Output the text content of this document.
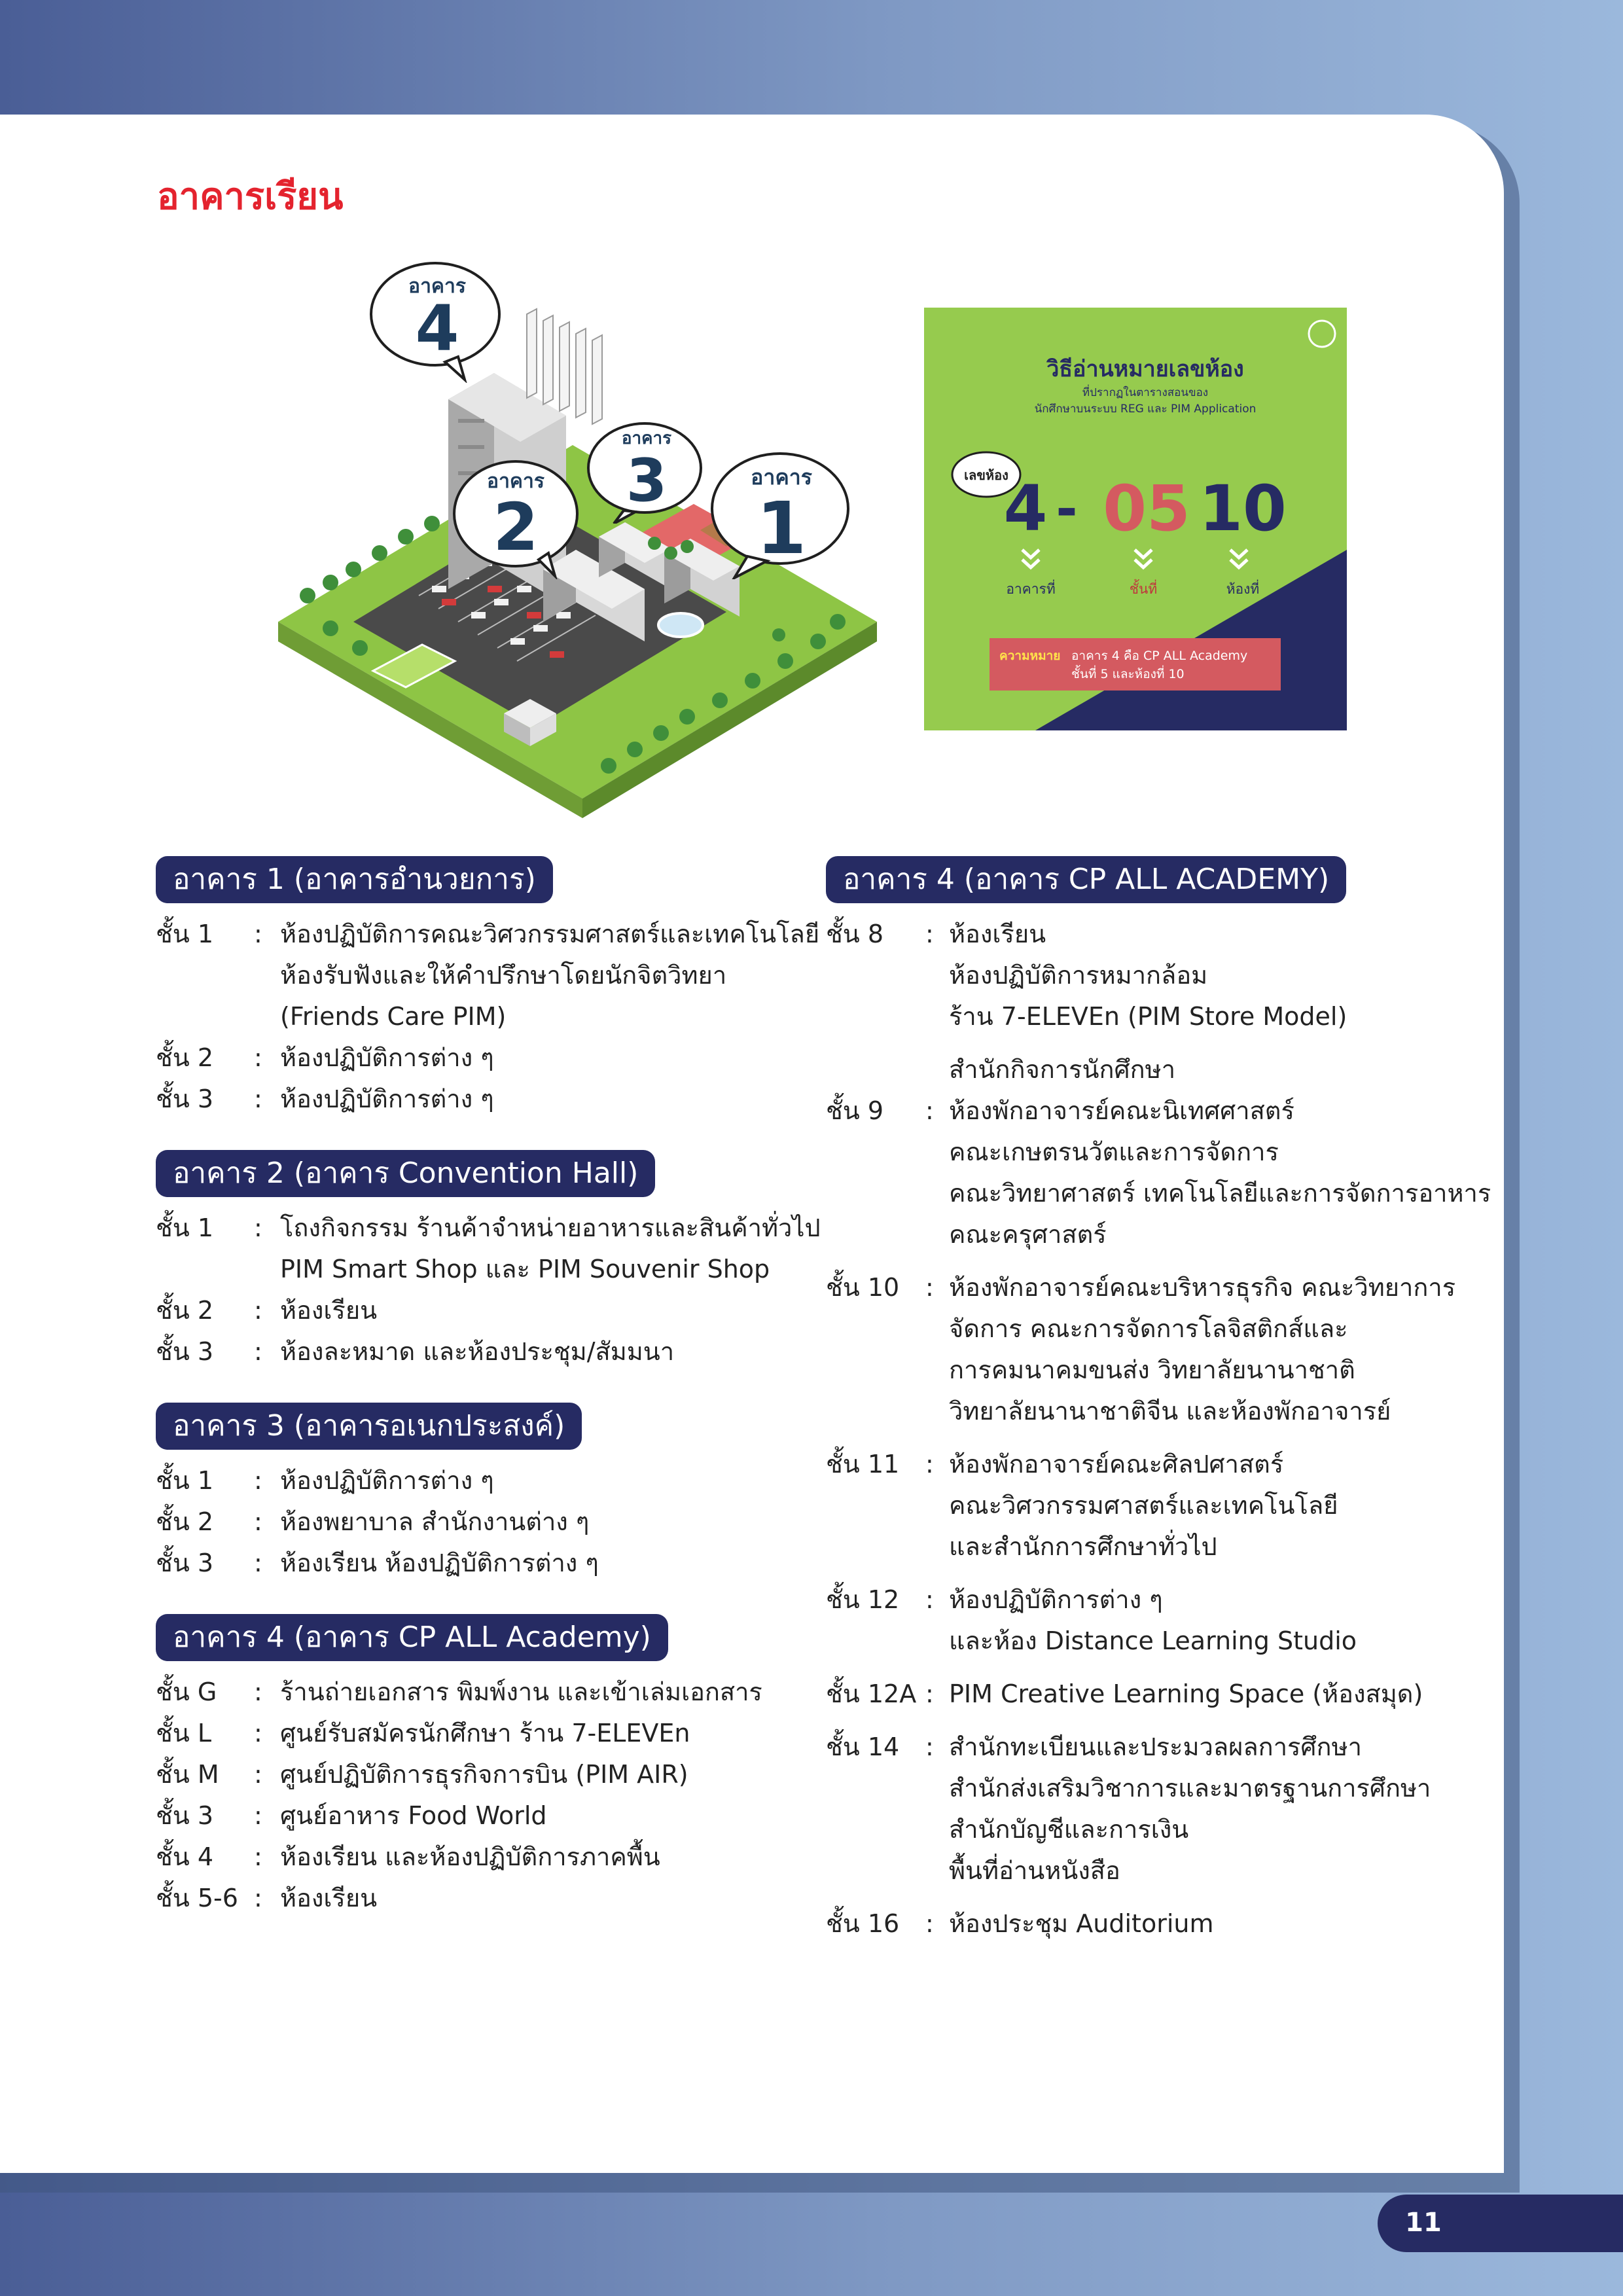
อาคารเรียน
อาคาร
4
อาคาร
2
อาคาร
3	อาคาร
1
วิธีอ่านหมายเลขห้อง
ที่ปรากฏในตารางสอนของ
นักศึกษาบนระบบ REG และ PIM Application
เลขห้อง
4 - 05 10
อาคารที่	ชั้นที่	ห้องที่
ความหมาย อาคาร 4 คือ CP ALL Academy
ชั้นที่ 5 และห้องที่ 10
อาคาร 1 (อาคารอำนวยการ)
ชั้น 1	: ห้องปฏิบัติการคณะวิศวกรรมศาสตร์และเทคโนโลยี
ห้องรับฟังและให้คำปรึกษาโดยนักจิตวิทยา
(Friends Care PIM)
ชั้น 2	: ห้องปฏิบัติการต่าง ๆ
ชั้น 3	: ห้องปฏิบัติการต่าง ๆ
อาคาร 2 (อาคาร Convention Hall)
ชั้น 1	: โถงกิจกรรม ร้านค้าจำหน่ายอาหารและสินค้าทั่วไป
PIM Smart Shop และ PIM Souvenir Shop
ชั้น 2	: ห้องเรียน
ชั้น 3	: ห้องละหมาด และห้องประชุม/สัมมนา
อาคาร 3 (อาคารอเนกประสงค์)
ชั้น 1	: ห้องปฏิบัติการต่าง ๆ
ชั้น 2	: ห้องพยาบาล สำนักงานต่าง ๆ
ชั้น 3	: ห้องเรียน ห้องปฏิบัติการต่าง ๆ
อาคาร 4 (อาคาร CP ALL Academy)
ชั้น G	: ร้านถ่ายเอกสาร พิมพ์งาน และเข้าเล่มเอกสาร
ชั้น L	: ศูนย์รับสมัครนักศึกษา ร้าน 7-ELEVEn
ชั้น M	: ศูนย์ปฏิบัติการธุรกิจการบิน (PIM AIR)
ชั้น 3	: ศูนย์อาหาร Food World
ชั้น 4	: ห้องเรียน และห้องปฏิบัติการภาคพื้น
ชั้น 5-6 : ห้องเรียน
อาคาร 4 (อาคาร CP ALL ACADEMY)
ชั้น 8	: ห้องเรียน
ห้องปฏิบัติการหมากล้อม
ร้าน 7-ELEVEn (PIM Store Model)
สำนักกิจการนักศึกษา
ชั้น 9	: ห้องพักอาจารย์คณะนิเทศศาสตร์
คณะเกษตรนวัตและการจัดการ
คณะวิทยาศาสตร์ เทคโนโลยีและการจัดการอาหาร
คณะครุศาสตร์
ชั้น 10	: ห้องพักอาจารย์คณะบริหารธุรกิจ คณะวิทยาการ
จัดการ คณะการจัดการโลจิสติกส์และ
การคมนาคมขนส่ง วิทยาลัยนานาชาติ
วิทยาลัยนานาชาติจีน และห้องพักอาจารย์
ชั้น 11	: ห้องพักอาจารย์คณะศิลปศาสตร์
คณะวิศวกรรมศาสตร์และเทคโนโลยี
และสำนักการศึกษาทั่วไป
ชั้น 12	: ห้องปฏิบัติการต่าง ๆ
และห้อง Distance Learning Studio
ชั้น 12A : PIM Creative Learning Space (ห้องสมุด)
ชั้น 14	: สำนักทะเบียนและประมวลผลการศึกษา
สำนักส่งเสริมวิชาการและมาตรฐานการศึกษา
สำนักบัญชีและการเงิน
พื้นที่อ่านหนังสือ
ชั้น 16	: ห้องประชุม Auditorium
11
